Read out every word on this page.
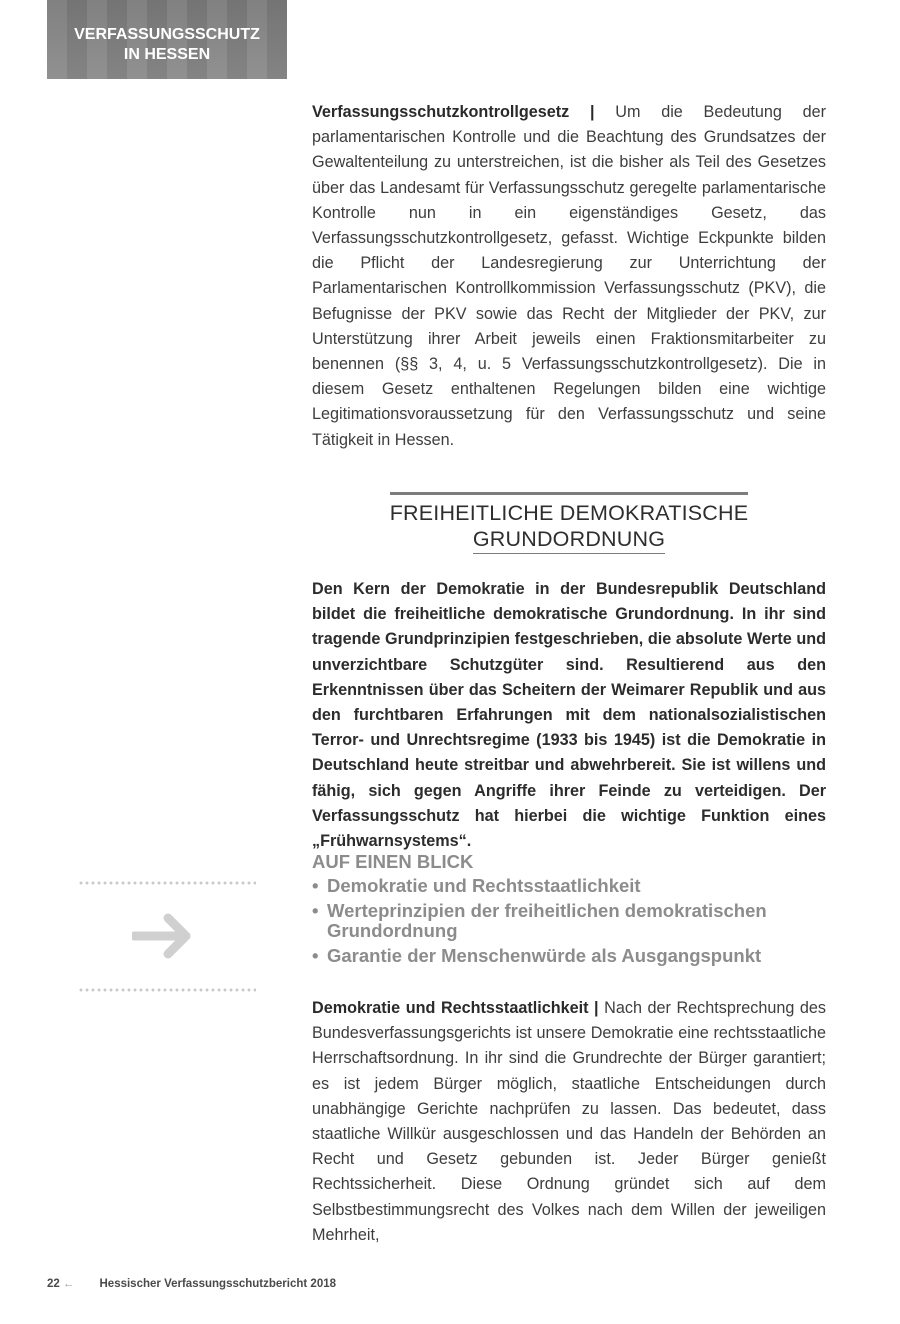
VERFASSUNGSSCHUTZ
IN HESSEN

Verfassungsschutzkontrollgesetz | Um die Bedeutung der parlamentarischen Kontrolle und die Beachtung des Grundsatzes der Gewaltenteilung zu unterstreichen, ist die bisher als Teil des Gesetzes über das Landesamt für Verfassungsschutz geregelte parlamentarische Kontrolle nun in ein eigenständiges Gesetz, das Verfassungsschutzkontrollgesetz, gefasst. Wichtige Eckpunkte bilden die Pflicht der Landesregierung zur Unterrichtung der Parlamentarischen Kontrollkommission Verfassungsschutz (PKV), die Befugnisse der PKV sowie das Recht der Mitglieder der PKV, zur Unterstützung ihrer Arbeit jeweils einen Fraktionsmitarbeiter zu benennen (§§ 3, 4, u. 5 Verfassungsschutzkontrollgesetz). Die in diesem Gesetz enthaltenen Regelungen bilden eine wichtige Legitimationsvoraussetzung für den Verfassungsschutz und seine Tätigkeit in Hessen.

FREIHEITLICHE DEMOKRATISCHE
GRUNDORDNUNG

Den Kern der Demokratie in der Bundesrepublik Deutschland bildet die freiheitliche demokratische Grundordnung. In ihr sind tragende Grundprinzipien festgeschrieben, die absolute Werte und unverzichtbare Schutzgüter sind. Resultierend aus den Erkenntnissen über das Scheitern der Weimarer Republik und aus den furchtbaren Erfahrungen mit dem nationalsozialistischen Terror- und Unrechtsregime (1933 bis 1945) ist die Demokratie in Deutschland heute streitbar und abwehrbereit. Sie ist willens und fähig, sich gegen Angriffe ihrer Feinde zu verteidigen. Der Verfassungsschutz hat hierbei die wichtige Funktion eines „Frühwarnsystems“.

AUF EINEN BLICK
• Demokratie und Rechtsstaatlichkeit
• Werteprinzipien der freiheitlichen demokratischen Grundordnung
• Garantie der Menschenwürde als Ausgangspunkt

Demokratie und Rechtsstaatlichkeit | Nach der Rechtsprechung des Bundesverfassungsgerichts ist unsere Demokratie eine rechtsstaatliche Herrschaftsordnung. In ihr sind die Grundrechte der Bürger garantiert; es ist jedem Bürger möglich, staatliche Entscheidungen durch unabhängige Gerichte nachprüfen zu lassen. Das bedeutet, dass staatliche Willkür ausgeschlossen und das Handeln der Behörden an Recht und Gesetz gebunden ist. Jeder Bürger genießt Rechtssicherheit. Diese Ordnung gründet sich auf dem Selbstbestimmungsrecht des Volkes nach dem Willen der jeweiligen Mehrheit,

22 ← Hessischer Verfassungsschutzbericht 2018
